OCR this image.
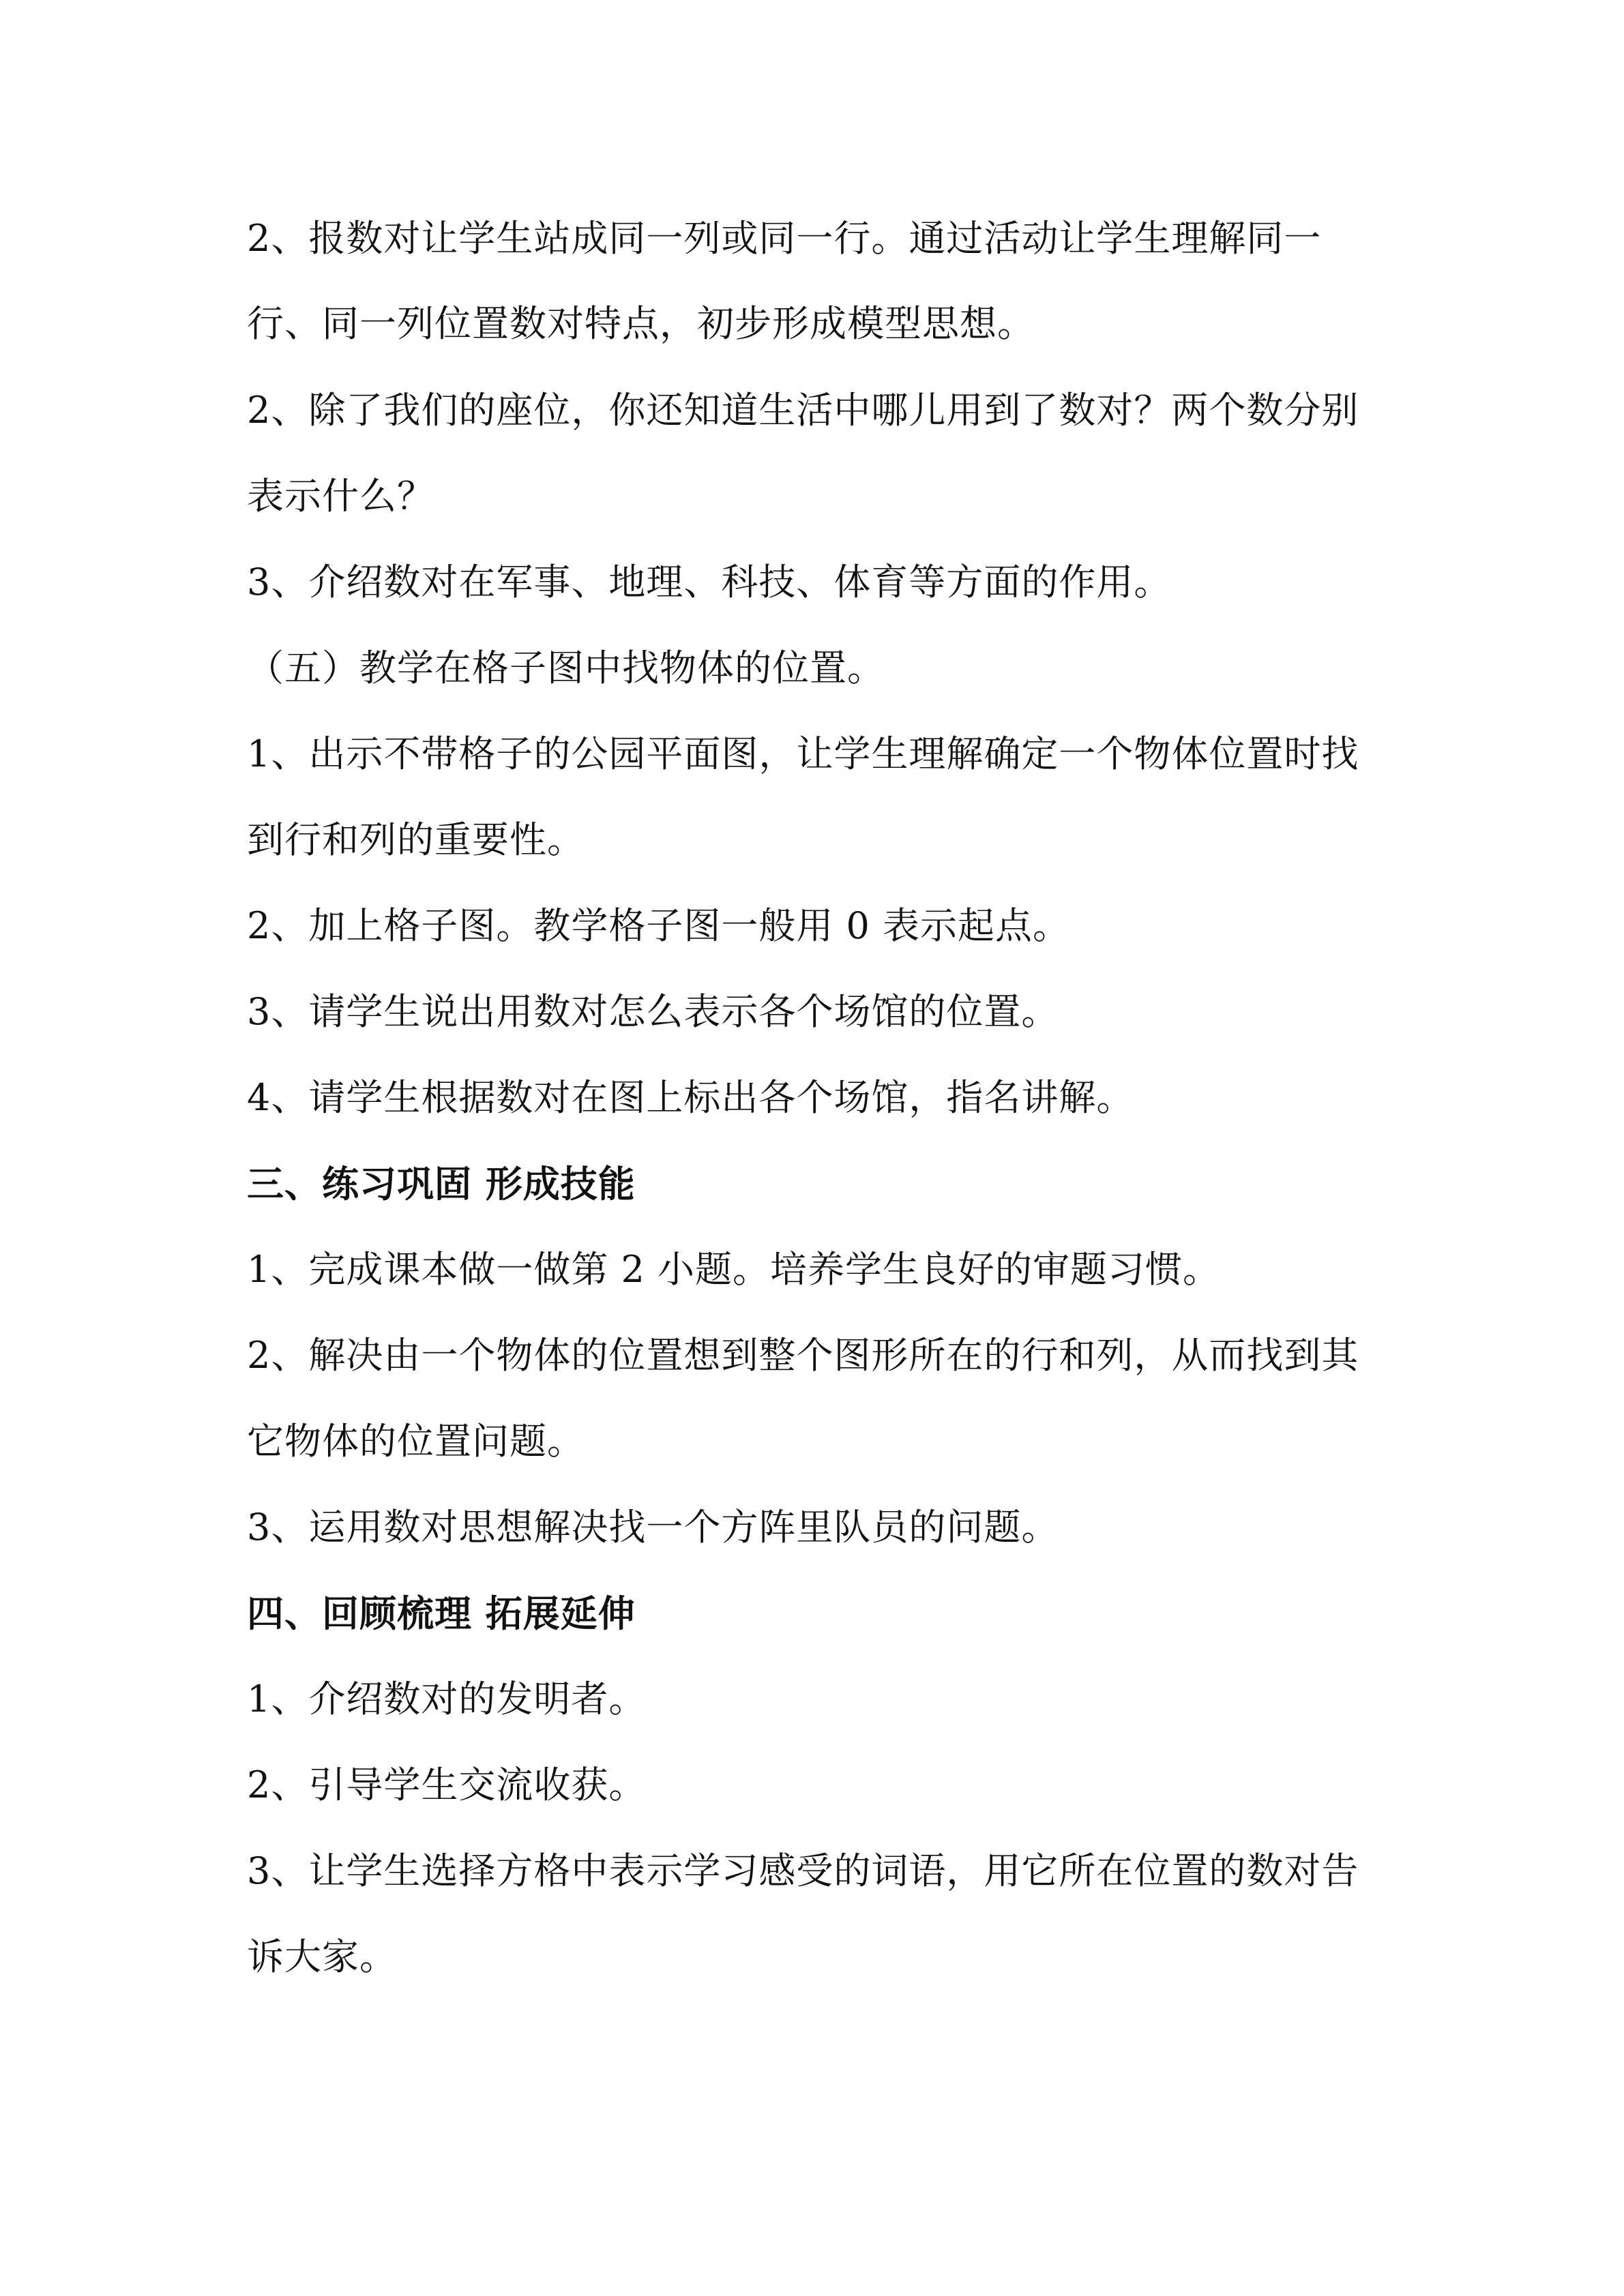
2、报数对让学生站成同一列或同一行。通过活动让学生理解同一
行、同一列位置数对特点，初步形成模型思想。
2、除了我们的座位，你还知道生活中哪儿用到了数对？两个数分别
表示什么？
3、介绍数对在军事、地理、科技、体育等方面的作用。
（五）教学在格子图中找物体的位置。
1、出示不带格子的公园平面图，让学生理解确定一个物体位置时找
到行和列的重要性。
2、加上格子图。教学格子图一般用 0 表示起点。
3、请学生说出用数对怎么表示各个场馆的位置。
4、请学生根据数对在图上标出各个场馆，指名讲解。
三、练习巩固 形成技能
1、完成课本做一做第 2 小题。培养学生良好的审题习惯。
2、解决由一个物体的位置想到整个图形所在的行和列，从而找到其
它物体的位置问题。
3、运用数对思想解决找一个方阵里队员的问题。
四、回顾梳理 拓展延伸
1、介绍数对的发明者。
2、引导学生交流收获。
3、让学生选择方格中表示学习感受的词语，用它所在位置的数对告
诉大家。
